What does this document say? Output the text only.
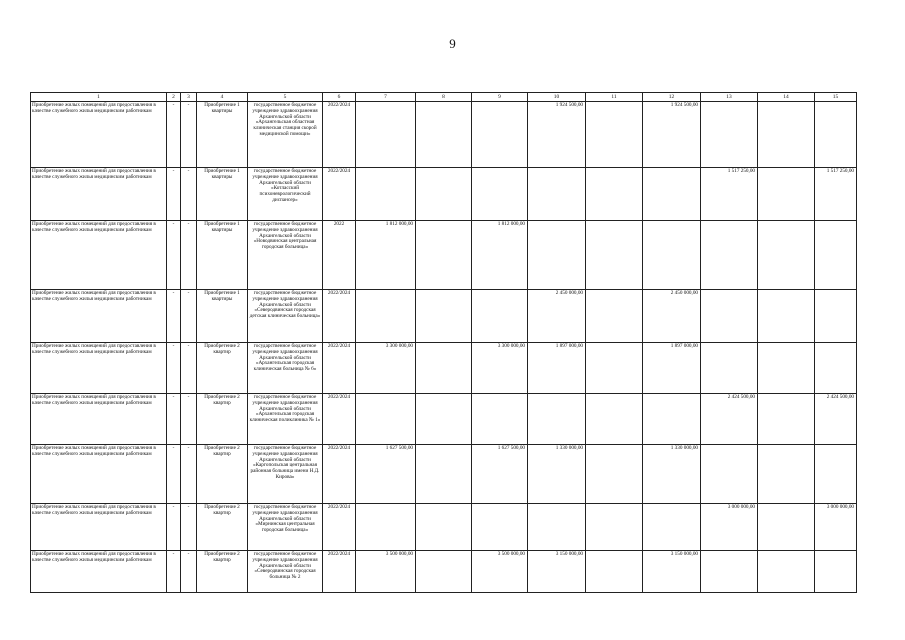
9
1	2	3	4	5	6	7	8	9	10	11	12	13	14	15
Приобретение жилых помещений для предоставления в качестве служебного жилья медицинским работникам	-	-	Приобретение 1 квартиры	государственное бюджетное учреждение здравоохранения Архангельской области «Архангельская областная клиническая станция скорой медицинской помощи»	2022/2024				1 924 500,00		1 924 500,00			
Приобретение жилых помещений для предоставления в качестве служебного жилья медицинским работникам	-	-	Приобретение 1 квартиры	государственное бюджетное учреждение здравоохранения Архангельской области «Котласский психоневрологический диспансер»	2022/2024							1 517 250,00		1 517 250,00
Приобретение жилых помещений для предоставления в качестве служебного жилья медицинским работникам	-	-	Приобретение 1 квартиры	государственное бюджетное учреждение здравоохранения Архангельской области «Новодвинская центральная городская больница»	2022	1 812 000,00		1 812 000,00						
Приобретение жилых помещений для предоставления в качестве служебного жилья медицинским работникам	-	-	Приобретение 1 квартиры	государственное бюджетное учреждение здравоохранения Архангельской области «Северодвинская городская детская клиническая больница»	2022/2024				2 450 000,00		2 450 000,00			
Приобретение жилых помещений для предоставления в качестве служебного жилья медицинским работникам	-	-	Приобретение 2 квартир	государственное бюджетное учреждение здравоохранения Архангельской области «Архангельская городская клиническая больница № 6»	2022/2024	3 300 000,00		3 300 000,00	1 897 000,00		1 897 000,00			
Приобретение жилых помещений для предоставления в качестве служебного жилья медицинским работникам	-	-	Приобретение 2 квартир	государственное бюджетное учреждение здравоохранения Архангельской области «Архангельская городская клиническая поликлиника № 1»	2022/2024							2 424 500,00		2 424 500,00
Приобретение жилых помещений для предоставления в качестве служебного жилья медицинским работникам	-	-	Приобретение 2 квартир	государственное бюджетное учреждение здравоохранения Архангельской области «Каргопольская центральная районная больница имени Н.Д. Кирова»	2022/2024	1 627 500,00		1 627 500,00	1 330 000,00		1 330 000,00			
Приобретение жилых помещений для предоставления в качестве служебного жилья медицинским работникам	-	-	Приобретение 2 квартир	государственное бюджетное учреждение здравоохранения Архангельской области «Мирнинская центральная городская больница»	2022/2024							3 000 000,00		3 000 000,00
Приобретение жилых помещений для предоставления в качестве служебного жилья медицинским работникам	-	-	Приобретение 2 квартир	государственное бюджетное учреждение здравоохранения Архангельской области «Северодвинская городская больница № 2	2022/2024	3 500 000,00		3 500 000,00	3 150 000,00		3 150 000,00			
